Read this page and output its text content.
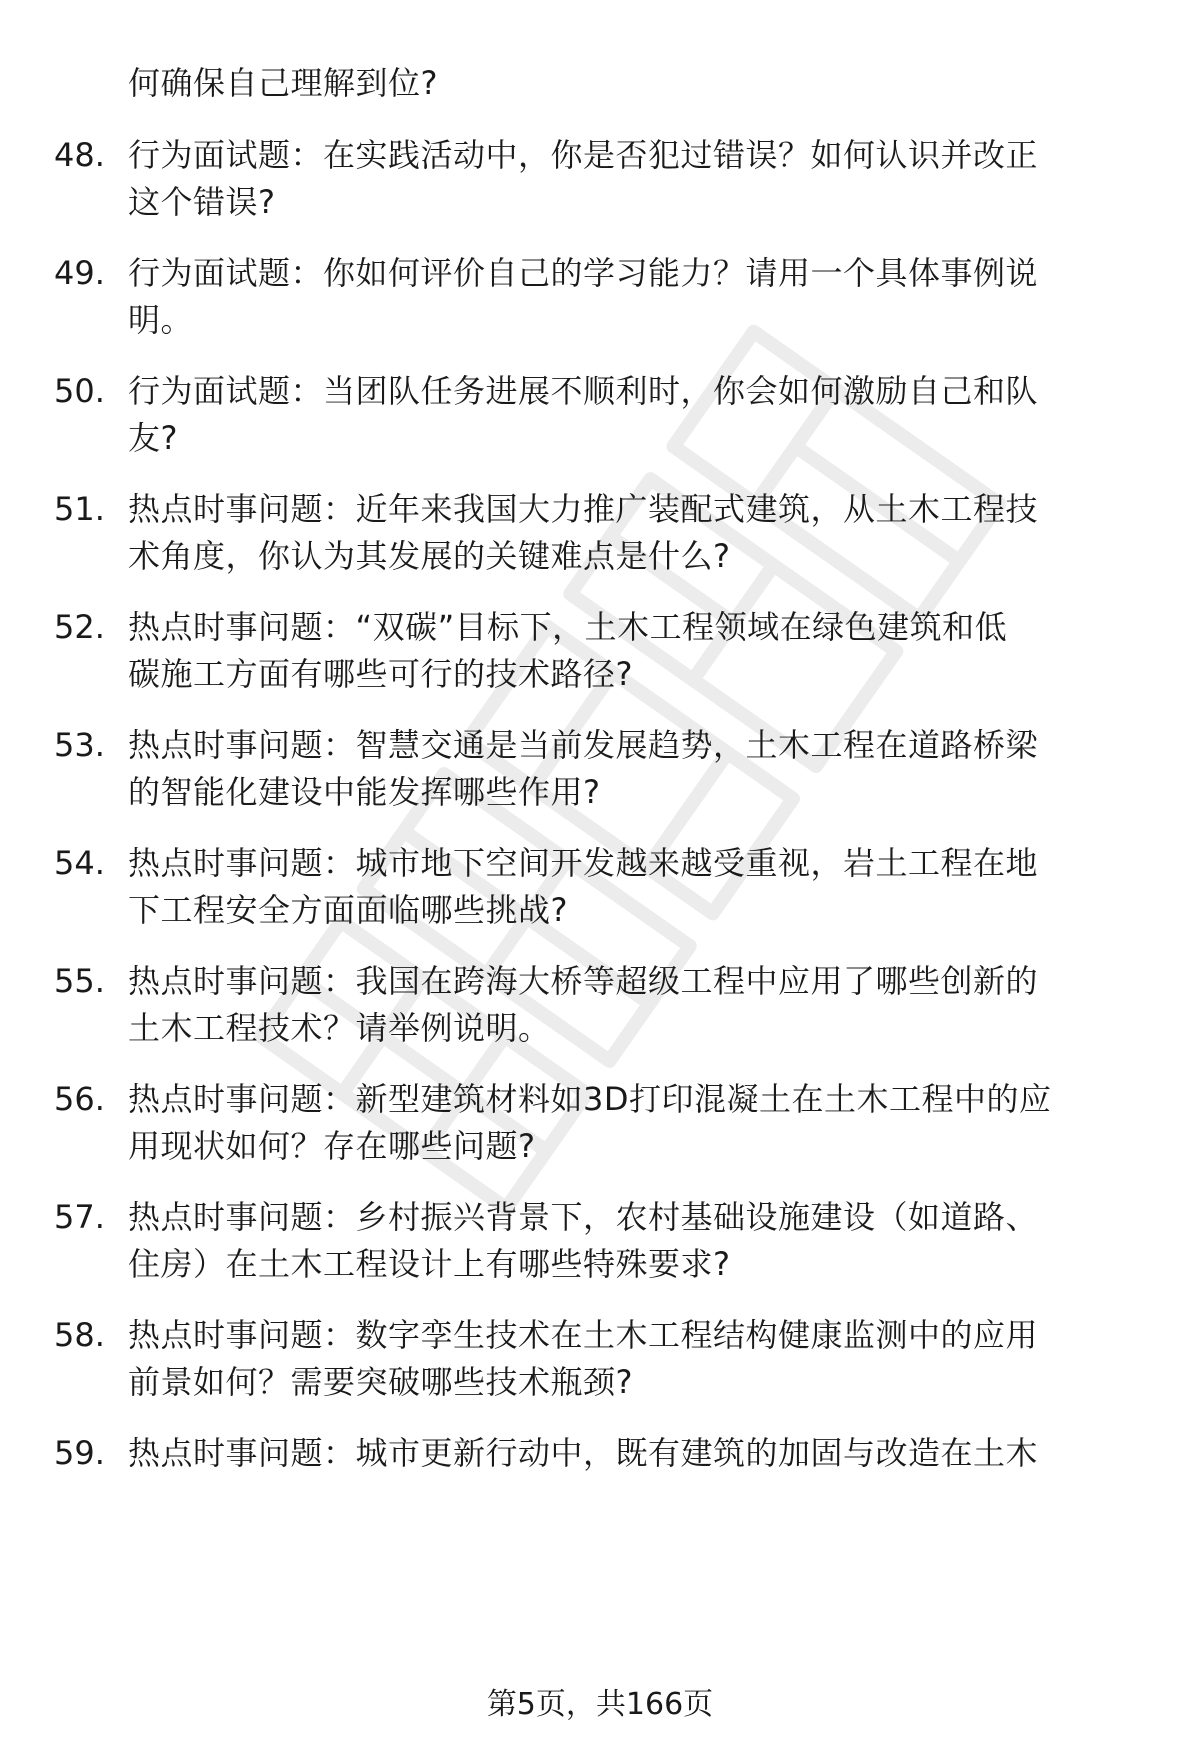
何确保自己理解到位?
48. 行为面试题：在实践活动中，你是否犯过错误？如何认识并改正
这个错误?
49. 行为面试题：你如何评价自己的学习能力？请用一个具体事例说
明。
50. 行为面试题：当团队任务进展不顺利时，你会如何激励自己和队
友?
51. 热点时事问题：近年来我国大力推广装配式建筑，从土木工程技
术角度，你认为其发展的关键难点是什么?
52. 热点时事问题：“双碳”目标下，土木工程领域在绿色建筑和低
碳施工方面有哪些可行的技术路径?
53. 热点时事问题：智慧交通是当前发展趋势，土木工程在道路桥梁
的智能化建设中能发挥哪些作用?
54. 热点时事问题：城市地下空间开发越来越受重视，岩土工程在地
下工程安全方面面临哪些挑战?
55. 热点时事问题：我国在跨海大桥等超级工程中应用了哪些创新的
土木工程技术？请举例说明。
56. 热点时事问题：新型建筑材料如3D打印混凝土在土木工程中的应
用现状如何？存在哪些问题?
57. 热点时事问题：乡村振兴背景下，农村基础设施建设（如道路、
住房）在土木工程设计上有哪些特殊要求?
58. 热点时事问题：数字孪生技术在土木工程结构健康监测中的应用
前景如何？需要突破哪些技术瓶颈?
59. 热点时事问题：城市更新行动中，既有建筑的加固与改造在土木
第5页，共166页
